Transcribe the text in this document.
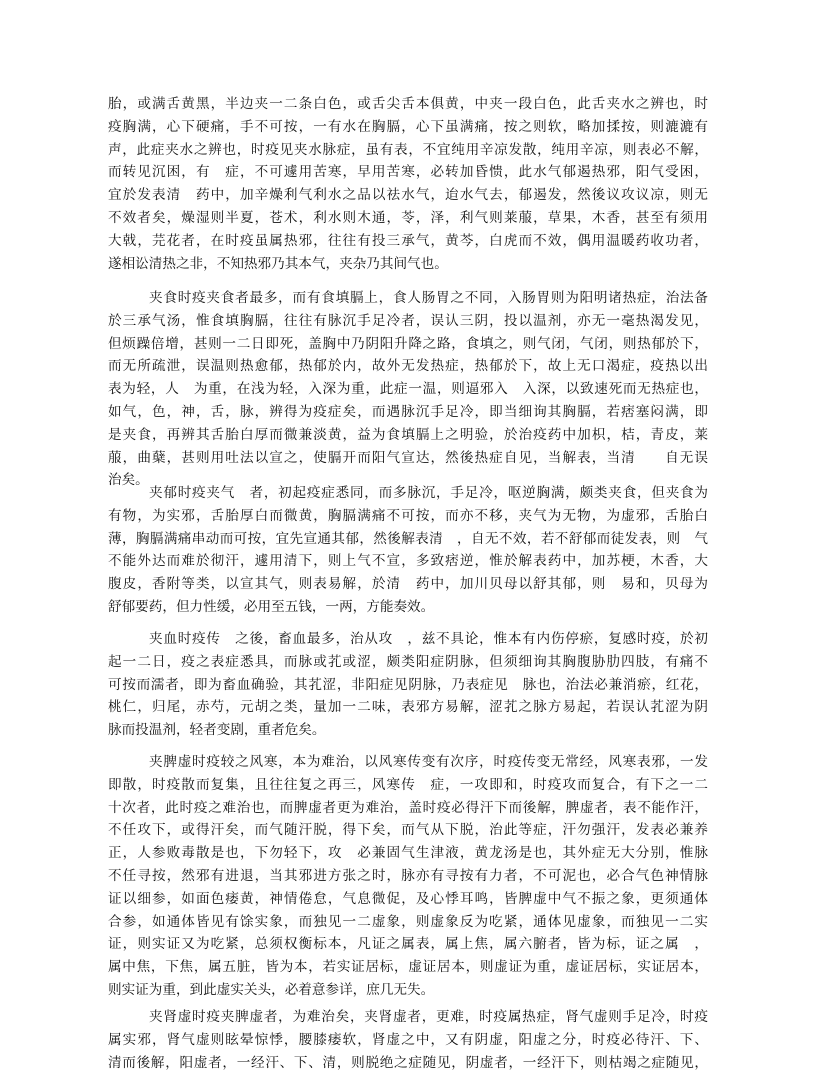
胎，或满舌黄黑，半边夹一二条白色，或舌尖舌本俱黄，中夹一段白色，此舌夹水之辨也，时
疫胸满，心下硬痛，手不可按，一有水在胸膈，心下虽满痛，按之则软，略加揉按，则漉漉有
声，此症夹水之辨也，时疫见夹水脉症，虽有表，不宜纯用辛凉发散，纯用辛凉，则表必不解，
而转见沉困，有　症，不可遽用苦寒，早用苦寒，必转加昏愦，此水气郁遏热邪，阳气受困，
宜於发表清　药中，加辛燥利气利水之品以祛水气，迨水气去，郁遏发，然後议攻议凉，则无
不效者矣，燥湿则半夏，苍术，利水则木通，苓，泽，利气则莱菔，草果，木香，甚至有须用
大戟，芫花者，在时疫虽属热邪，往往有投三承气，黄芩，白虎而不效，偶用温暖药收功者，
遂相讼清热之非，不知热邪乃其本气，夹杂乃其间气也。
夹食时疫夹食者最多，而有食填膈上，食人肠胃之不同，入肠胃则为阳明诸热症，治法备
於三承气汤，惟食填胸膈，往往有脉沉手足冷者，误认三阴，投以温剂，亦无一毫热渴发见，
但烦躁倍增，甚则一二日即死，盖胸中乃阴阳升降之路，食填之，则气闭，气闭，则热郁於下，
而无所疏泄，误温则热愈郁，热郁於内，故外无发热症，热郁於下，故上无口渴症，疫热以出
表为轻，人　为重，在浅为轻，入深为重，此症一温，则逼邪入　入深，以致速死而无热症也，
如气，色，神，舌，脉，辨得为疫症矣，而遇脉沉手足冷，即当细询其胸膈，若痞塞闷满，即
是夹食，再辨其舌胎白厚而微兼淡黄，益为食填膈上之明验，於治疫药中加枳，桔，青皮，莱
菔，曲蘖，甚则用吐法以宣之，使膈开而阳气宣达，然後热症自见，当解表，当清　　自无误
治矣。
夹郁时疫夹气　者，初起疫症悉同，而多脉沉，手足冷，呕逆胸满，颇类夹食，但夹食为
有物，为实邪，舌胎厚白而微黄，胸膈满痛不可按，而亦不移，夹气为无物，为虚邪，舌胎白
薄，胸膈满痛串动而可按，宜先宣通其郁，然後解表清　，自无不效，若不舒郁而徒发表，则　气
不能外达而难於彻汗，遽用清下，则上气不宣，多致痞逆，惟於解表药中，加苏梗，木香，大
腹皮，香附等类，以宣其气，则表易解，於清　药中，加川贝母以舒其郁，则　易和，贝母为
舒郁要药，但力性缓，必用至五钱，一两，方能奏效。
夹血时疫传　之後，畜血最多，治从攻　，兹不具论，惟本有内伤停瘀，复感时疫，於初
起一二日，疫之表症悉具，而脉或芤或涩，颇类阳症阴脉，但须细询其胸腹胁肋四肢，有痛不
可按而濡者，即为畜血确验，其芤涩，非阳症见阴脉，乃表症见　脉也，治法必兼消瘀，红花，
桃仁，归尾，赤芍，元胡之类，量加一二味，表邪方易解，涩芤之脉方易起，若误认芤涩为阴
脉而投温剂，轻者变剧，重者危矣。
夹脾虚时疫较之风寒，本为难治，以风寒传变有次序，时疫传变无常经，风寒表邪，一发
即散，时疫散而复集，且往往复之再三，风寒传　症，一攻即和，时疫攻而复合，有下之一二
十次者，此时疫之难治也，而脾虚者更为难治，盖时疫必得汗下而後解，脾虚者，表不能作汗，
不任攻下，或得汗矣，而气随汗脱，得下矣，而气从下脱，治此等症，汗勿强汗，发表必兼养
正，人参败毒散是也，下勿轻下，攻　必兼固气生津液，黄龙汤是也，其外症无大分别，惟脉
不任寻按，然邪有进退，当其邪进方张之时，脉亦有寻按有力者，不可泥也，必合气色神情脉
证以细参，如面色痿黄，神情倦怠，气息微促，及心悸耳鸣，皆脾虚中气不振之象，更须通体
合参，如通体皆见有馀实象，而独见一二虚象，则虚象反为吃紧，通体见虚象，而独见一二实
证，则实证又为吃紧，总须权衡标本，凡证之属表，属上焦，属六腑者，皆为标，证之属　，
属中焦，下焦，属五脏，皆为本，若实证居标，虚证居本，则虚证为重，虚证居标，实证居本，
则实证为重，到此虚实关头，必着意参详，庶几无失。
夹肾虚时疫夹脾虚者，为难治矣，夹肾虚者，更难，时疫属热症，肾气虚则手足冷，时疫
属实邪，肾气虚则眩晕惊悸，腰膝痿软，肾虚之中，又有阴虚，阳虚之分，时疫必待汗、下、
清而後解，阳虚者，一经汗、下、清，则脱绝之症随见，阴虚者，一经汗下，则枯竭之症随见，
